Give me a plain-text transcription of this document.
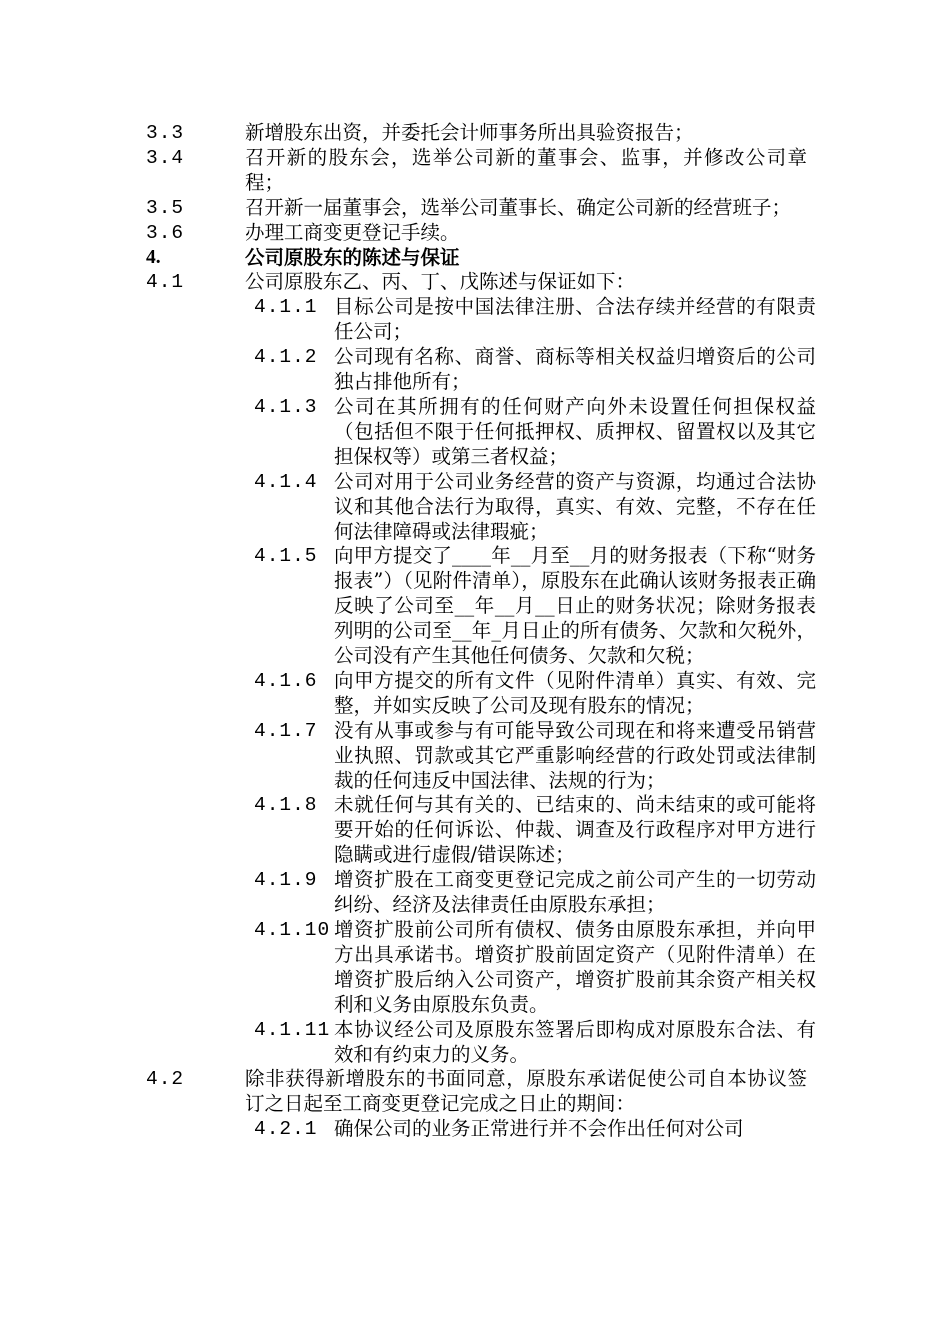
3.3	新增股东出资，并委托会计师事务所出具验资报告；
3.4	召开新的股东会，选举公司新的董事会、监事，并修改公司章程；
3.5	召开新一届董事会，选举公司董事长、确定公司新的经营班子；
3.6	办理工商变更登记手续。
4.	公司原股东的陈述与保证
4.1	公司原股东乙、丙、丁、戊陈述与保证如下：
4.1.1 目标公司是按中国法律注册、合法存续并经营的有限责任公司；
4.1.2 公司现有名称、商誉、商标等相关权益归增资后的公司独占排他所有；
4.1.3 公司在其所拥有的任何财产向外未设置任何担保权益（包括但不限于任何抵押权、质押权、留置权以及其它担保权等）或第三者权益；
4.1.4 公司对用于公司业务经营的资产与资源，均通过合法协议和其他合法行为取得，真实、有效、完整，不存在任何法律障碍或法律瑕疵；
4.1.5 向甲方提交了____年__月至__月的财务报表（下称“财务报表”）（见附件清单），原股东在此确认该财务报表正确反映了公司至__年__月__日止的财务状况；除财务报表列明的公司至__年_月日止的所有债务、欠款和欠税外，公司没有产生其他任何债务、欠款和欠税；
4.1.6 向甲方提交的所有文件（见附件清单）真实、有效、完整，并如实反映了公司及现有股东的情况；
4.1.7 没有从事或参与有可能导致公司现在和将来遭受吊销营业执照、罚款或其它严重影响经营的行政处罚或法律制裁的任何违反中国法律、法规的行为；
4.1.8 未就任何与其有关的、已结束的、尚未结束的或可能将要开始的任何诉讼、仲裁、调查及行政程序对甲方进行隐瞒或进行虚假/错误陈述；
4.1.9 增资扩股在工商变更登记完成之前公司产生的一切劳动纠纷、经济及法律责任由原股东承担；
4.1.10 增资扩股前公司所有债权、债务由原股东承担，并向甲方出具承诺书。增资扩股前固定资产（见附件清单）在增资扩股后纳入公司资产，增资扩股前其余资产相关权利和义务由原股东负责。
4.1.11 本协议经公司及原股东签署后即构成对原股东合法、有效和有约束力的义务。
4.2	除非获得新增股东的书面同意，原股东承诺促使公司自本协议签订之日起至工商变更登记完成之日止的期间：
4.2.1 确保公司的业务正常进行并不会作出任何对公司
